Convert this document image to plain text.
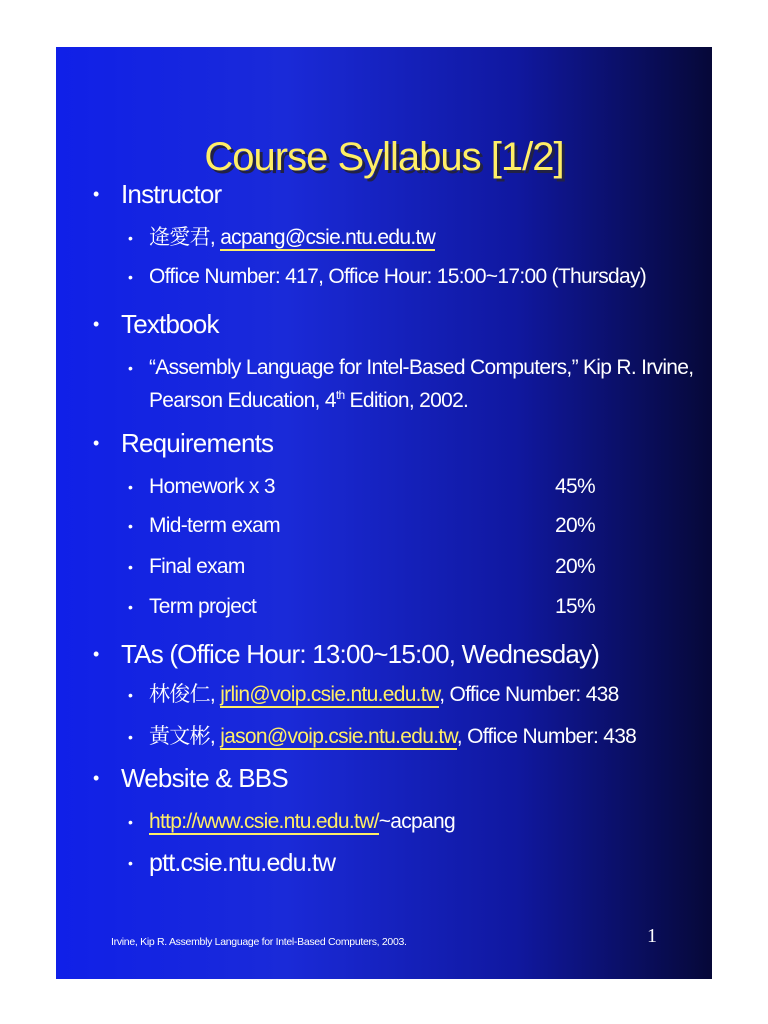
Course Syllabus [1/2]
• Instructor
• 逄愛君, acpang@csie.ntu.edu.tw
• Office Number: 417, Office Hour: 15:00~17:00 (Thursday)
• Textbook
• “Assembly Language for Intel-Based Computers,” Kip R. Irvine,
Pearson Education, 4th Edition, 2002.
• Requirements
• Homework x 3	45%
• Mid-term exam	20%
• Final exam	20%
• Term project	15%
• TAs (Office Hour: 13:00~15:00, Wednesday)
• 林俊仁, jrlin@voip.csie.ntu.edu.tw, Office Number: 438
• 黃文彬, jason@voip.csie.ntu.edu.tw, Office Number: 438
• Website & BBS
• http://www.csie.ntu.edu.tw/~acpang
• ptt.csie.ntu.edu.tw
Irvine, Kip R. Assembly Language for Intel-Based Computers, 2003.	1
